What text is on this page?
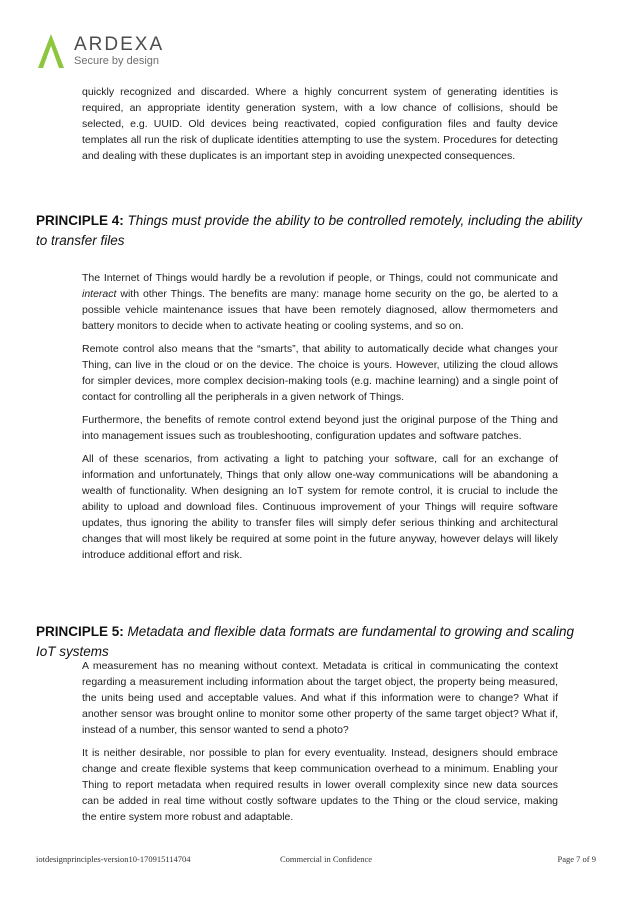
ARDEXA
Secure by design

quickly recognized and discarded. Where a highly concurrent system of generating identities is required, an appropriate identity generation system, with a low chance of collisions, should be selected, e.g. UUID. Old devices being reactivated, copied configuration files and faulty device templates all run the risk of duplicate identities attempting to use the system. Procedures for detecting and dealing with these duplicates is an important step in avoiding unexpected consequences.

PRINCIPLE 4: Things must provide the ability to be controlled remotely, including the ability to transfer files

The Internet of Things would hardly be a revolution if people, or Things, could not communicate and interact with other Things. The benefits are many: manage home security on the go, be alerted to a possible vehicle maintenance issues that have been remotely diagnosed, allow thermometers and battery monitors to decide when to activate heating or cooling systems, and so on.

Remote control also means that the “smarts”, that ability to automatically decide what changes your Thing, can live in the cloud or on the device. The choice is yours. However, utilizing the cloud allows for simpler devices, more complex decision-making tools (e.g. machine learning) and a single point of contact for controlling all the peripherals in a given network of Things.

Furthermore, the benefits of remote control extend beyond just the original purpose of the Thing and into management issues such as troubleshooting, configuration updates and software patches.

All of these scenarios, from activating a light to patching your software, call for an exchange of information and unfortunately, Things that only allow one-way communications will be abandoning a wealth of functionality. When designing an IoT system for remote control, it is crucial to include the ability to upload and download files. Continuous improvement of your Things will require software updates, thus ignoring the ability to transfer files will simply defer serious thinking and architectural changes that will most likely be required at some point in the future anyway, however delays will likely introduce additional effort and risk.

PRINCIPLE 5: Metadata and flexible data formats are fundamental to growing and scaling IoT systems

A measurement has no meaning without context. Metadata is critical in communicating the context regarding a measurement including information about the target object, the property being measured, the units being used and acceptable values. And what if this information were to change? What if another sensor was brought online to monitor some other property of the same target object? What if, instead of a number, this sensor wanted to send a photo?

It is neither desirable, nor possible to plan for every eventuality. Instead, designers should embrace change and create flexible systems that keep communication overhead to a minimum. Enabling your Thing to report metadata when required results in lower overall complexity since new data sources can be added in real time without costly software updates to the Thing or the cloud service, making the entire system more robust and adaptable.

iotdesignprinciples-version10-170915114704	Commercial in Confidence	Page 7 of 9
